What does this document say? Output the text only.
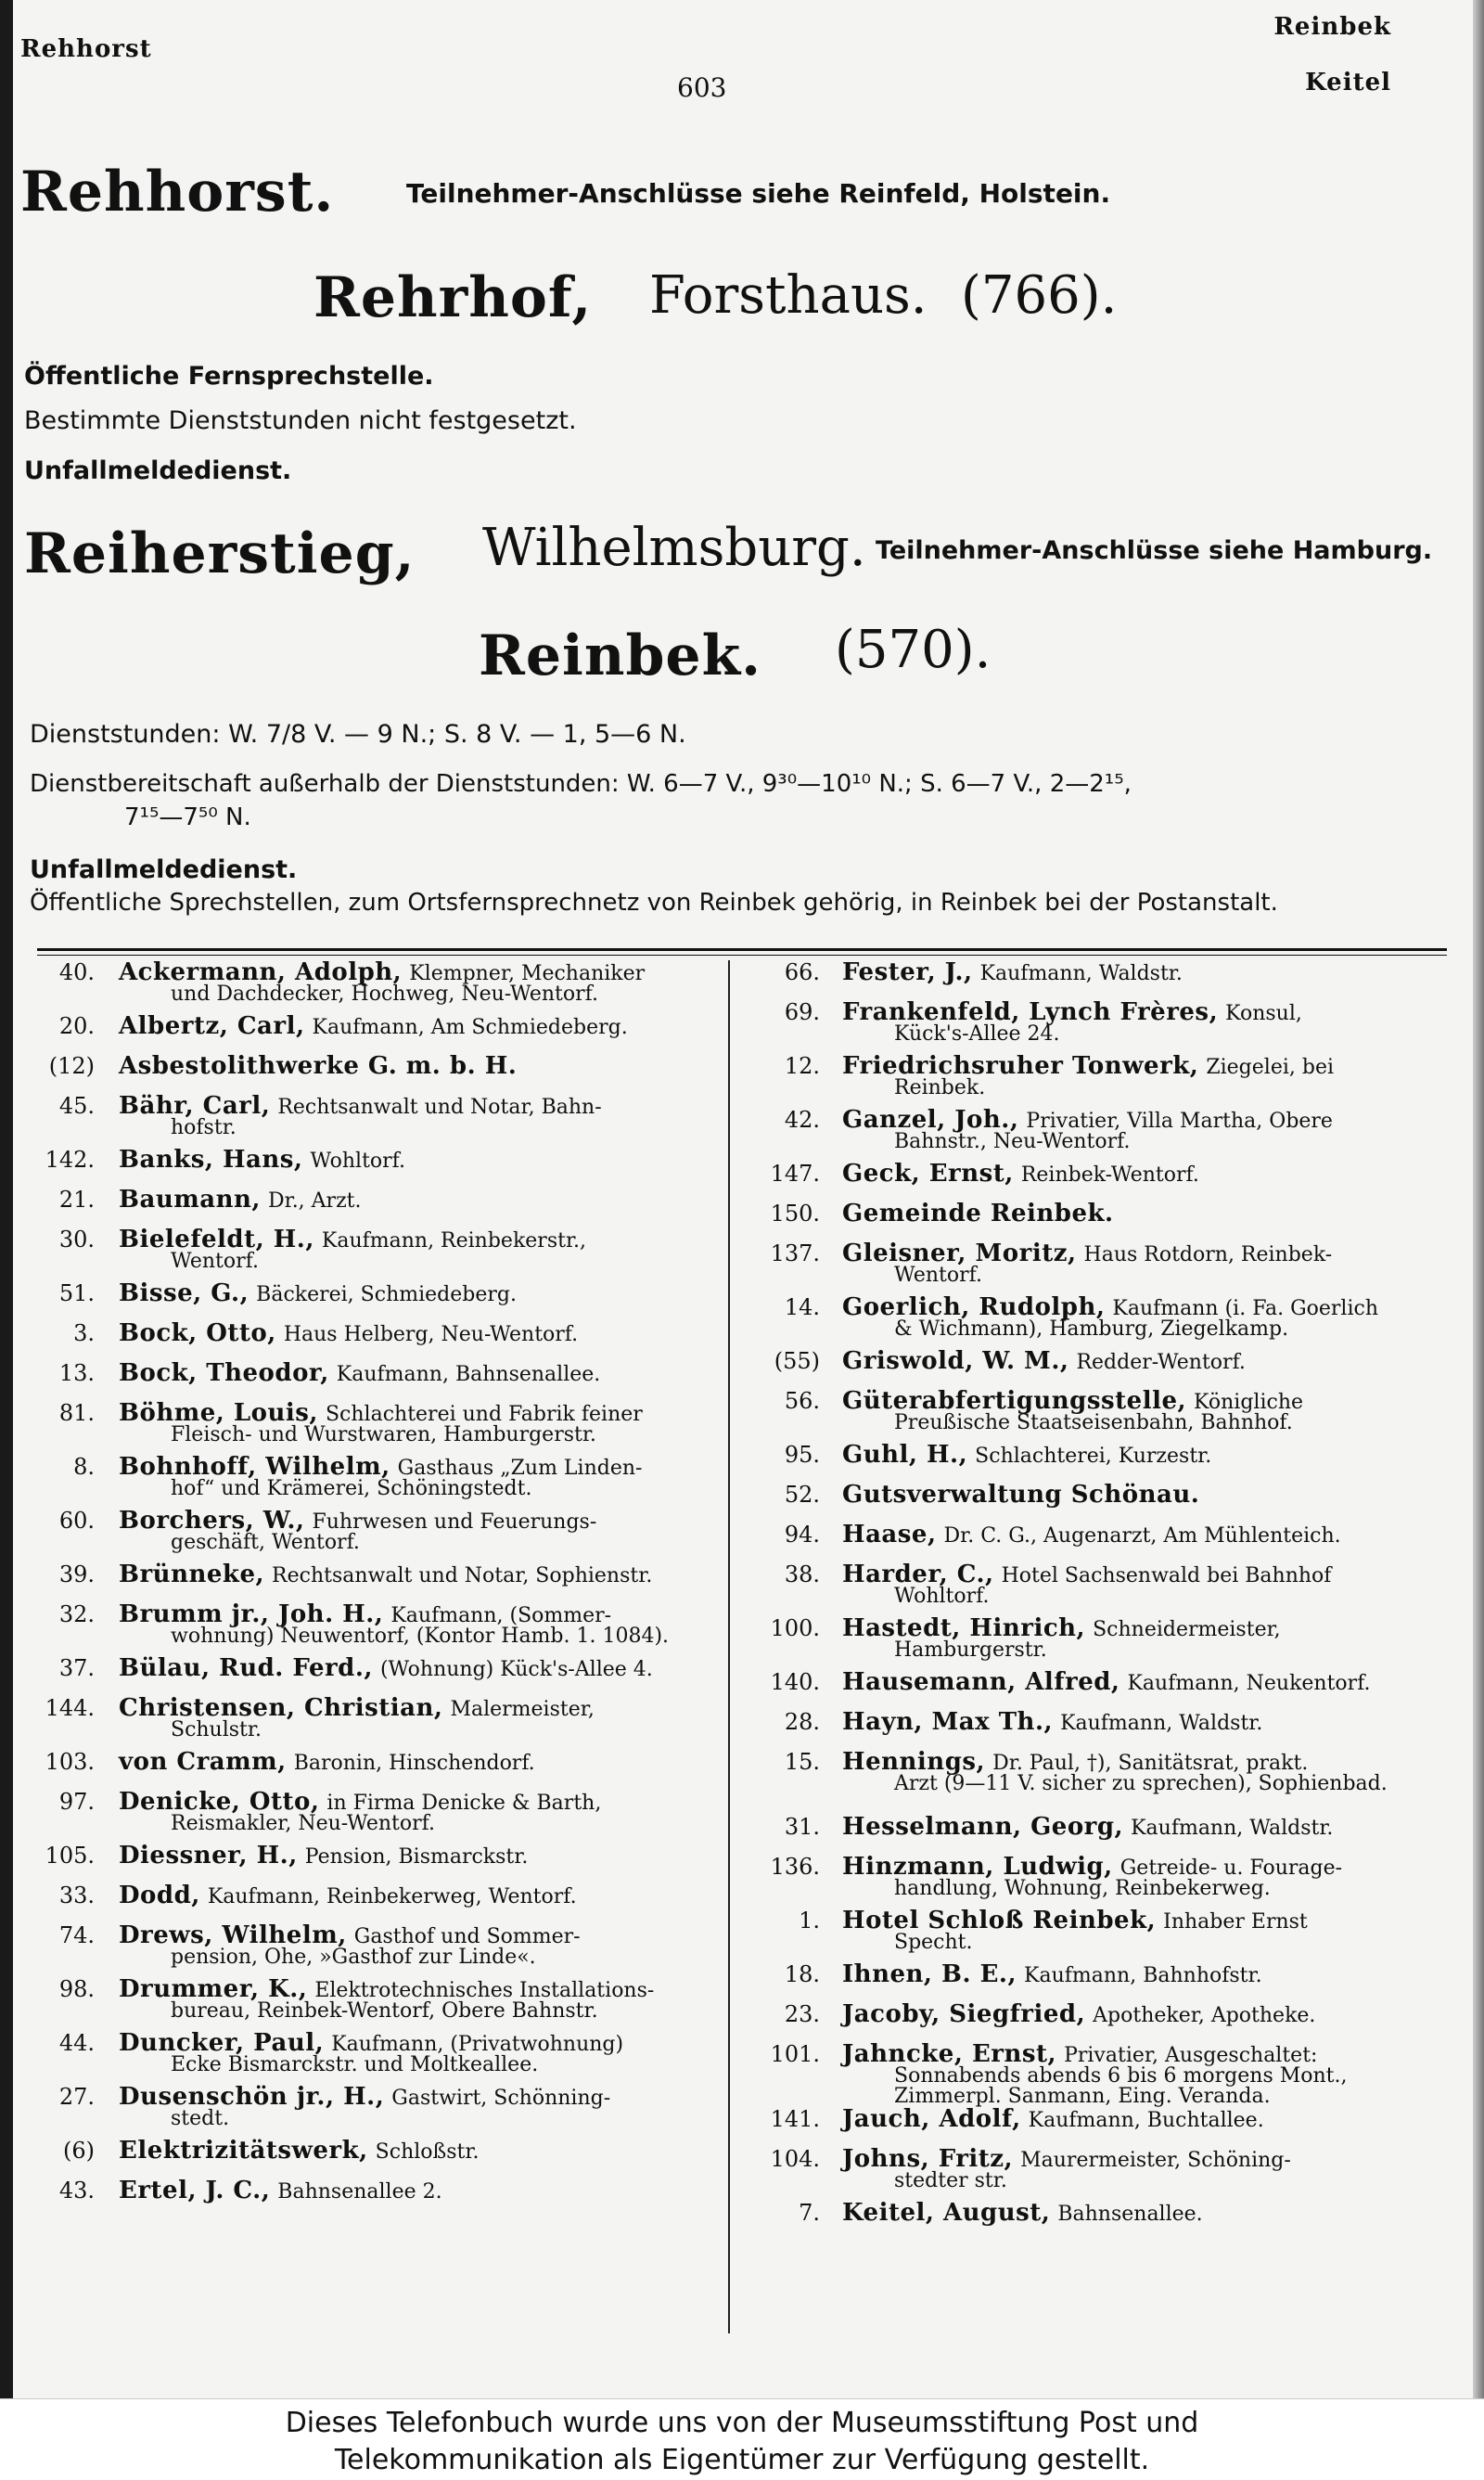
Rehhorst
603
Reinbek
Keitel
Rehhorst.	Teilnehmer-Anschlüsse siehe Reinfeld, Holstein.
Rehrhof, Forsthaus. (766).
Öffentliche Fernsprechstelle.
Bestimmte Dienststunden nicht festgesetzt.
Unfallmeldedienst.
Reiherstieg, Wilhelmsburg. Teilnehmer-Anschlüsse siehe Hamburg.
Reinbek. (570).
Dienststunden: W. 7/8 V. — 9 N.; S. 8 V. — 1, 5—6 N.
Dienstbereitschaft außerhalb der Dienststunden: W. 6—7 V., 9³⁰—10¹⁰ N.; S. 6—7 V., 2—2¹⁵,
7¹⁵—7⁵⁰ N.
Unfallmeldedienst.
Öffentliche Sprechstellen, zum Ortsfernsprechnetz von Reinbek gehörig, in Reinbek bei der Postanstalt.
40. Ackermann, Adolph, Klempner, Mechaniker
und Dachdecker, Hochweg, Neu-Wentorf.
20. Albertz, Carl, Kaufmann, Am Schmiedeberg.
(12) Asbestolithwerke G. m. b. H.
45. Bähr, Carl, Rechtsanwalt und Notar, Bahn-
hofstr.
142. Banks, Hans, Wohltorf.
21. Baumann, Dr., Arzt.
30. Bielefeldt, H., Kaufmann, Reinbekerstr.,
Wentorf.
51. Bisse, G., Bäckerei, Schmiedeberg.
3. Bock, Otto, Haus Helberg, Neu-Wentorf.
13. Bock, Theodor, Kaufmann, Bahnsenallee.
81. Böhme, Louis, Schlachterei und Fabrik feiner
Fleisch- und Wurstwaren, Hamburgerstr.
8. Bohnhoff, Wilhelm, Gasthaus „Zum Linden-
hof“ und Krämerei, Schöningstedt.
60. Borchers, W., Fuhrwesen und Feuerungs-
geschäft, Wentorf.
39. Brünneke, Rechtsanwalt und Notar, Sophienstr.
32. Brumm jr., Joh. H., Kaufmann, (Sommer-
wohnung) Neuwentorf, (Kontor Hamb. 1. 1084).
37. Bülau, Rud. Ferd., (Wohnung) Kück's-Allee 4.
144. Christensen, Christian, Malermeister,
Schulstr.
103. von Cramm, Baronin, Hinschendorf.
97. Denicke, Otto, in Firma Denicke & Barth,
Reismakler, Neu-Wentorf.
105. Diessner, H., Pension, Bismarckstr.
33. Dodd, Kaufmann, Reinbekerweg, Wentorf.
74. Drews, Wilhelm, Gasthof und Sommer-
pension, Ohe, »Gasthof zur Linde«.
98. Drummer, K., Elektrotechnisches Installations-
bureau, Reinbek-Wentorf, Obere Bahnstr.
44. Duncker, Paul, Kaufmann, (Privatwohnung)
Ecke Bismarckstr. und Moltkeallee.
27. Dusenschön jr., H., Gastwirt, Schönning-
stedt.
(6) Elektrizitätswerk, Schloßstr.
43. Ertel, J. C., Bahnsenallee 2.
66. Fester, J., Kaufmann, Waldstr.
69. Frankenfeld, Lynch Frères, Konsul,
Kück's-Allee 24.
12. Friedrichsruher Tonwerk, Ziegelei, bei
Reinbek.
42. Ganzel, Joh., Privatier, Villa Martha, Obere
Bahnstr., Neu-Wentorf.
147. Geck, Ernst, Reinbek-Wentorf.
150. Gemeinde Reinbek.
137. Gleisner, Moritz, Haus Rotdorn, Reinbek-
Wentorf.
14. Goerlich, Rudolph, Kaufmann (i. Fa. Goerlich
& Wichmann), Hamburg, Ziegelkamp.
(55) Griswold, W. M., Redder-Wentorf.
56. Güterabfertigungsstelle, Königliche
Preußische Staatseisenbahn, Bahnhof.
95. Guhl, H., Schlachterei, Kurzestr.
52. Gutsverwaltung Schönau.
94. Haase, Dr. C. G., Augenarzt, Am Mühlenteich.
38. Harder, C., Hotel Sachsenwald bei Bahnhof
Wohltorf.
100. Hastedt, Hinrich, Schneidermeister,
Hamburgerstr.
140. Hausemann, Alfred, Kaufmann, Neukentorf.
28. Hayn, Max Th., Kaufmann, Waldstr.
15. Hennings, Dr. Paul, †), Sanitätsrat, prakt.
Arzt (9—11 V. sicher zu sprechen), Sophienbad.
31. Hesselmann, Georg, Kaufmann, Waldstr.
136. Hinzmann, Ludwig, Getreide- u. Fourage-
handlung, Wohnung, Reinbekerweg.
1. Hotel Schloß Reinbek, Inhaber Ernst
Specht.
18. Ihnen, B. E., Kaufmann, Bahnhofstr.
23. Jacoby, Siegfried, Apotheker, Apotheke.
101. Jahncke, Ernst, Privatier, Ausgeschaltet:
Sonnabends abends 6 bis 6 morgens Mont., Zimmerpl. Sanmann, Eing. Veranda.
141. Jauch, Adolf, Kaufmann, Buchtallee.
104. Johns, Fritz, Maurermeister, Schöning-
stedter str.
7. Keitel, August, Bahnsenallee.
Dieses Telefonbuch wurde uns von der Museumsstiftung Post und
Telekommunikation als Eigentümer zur Verfügung gestellt.
